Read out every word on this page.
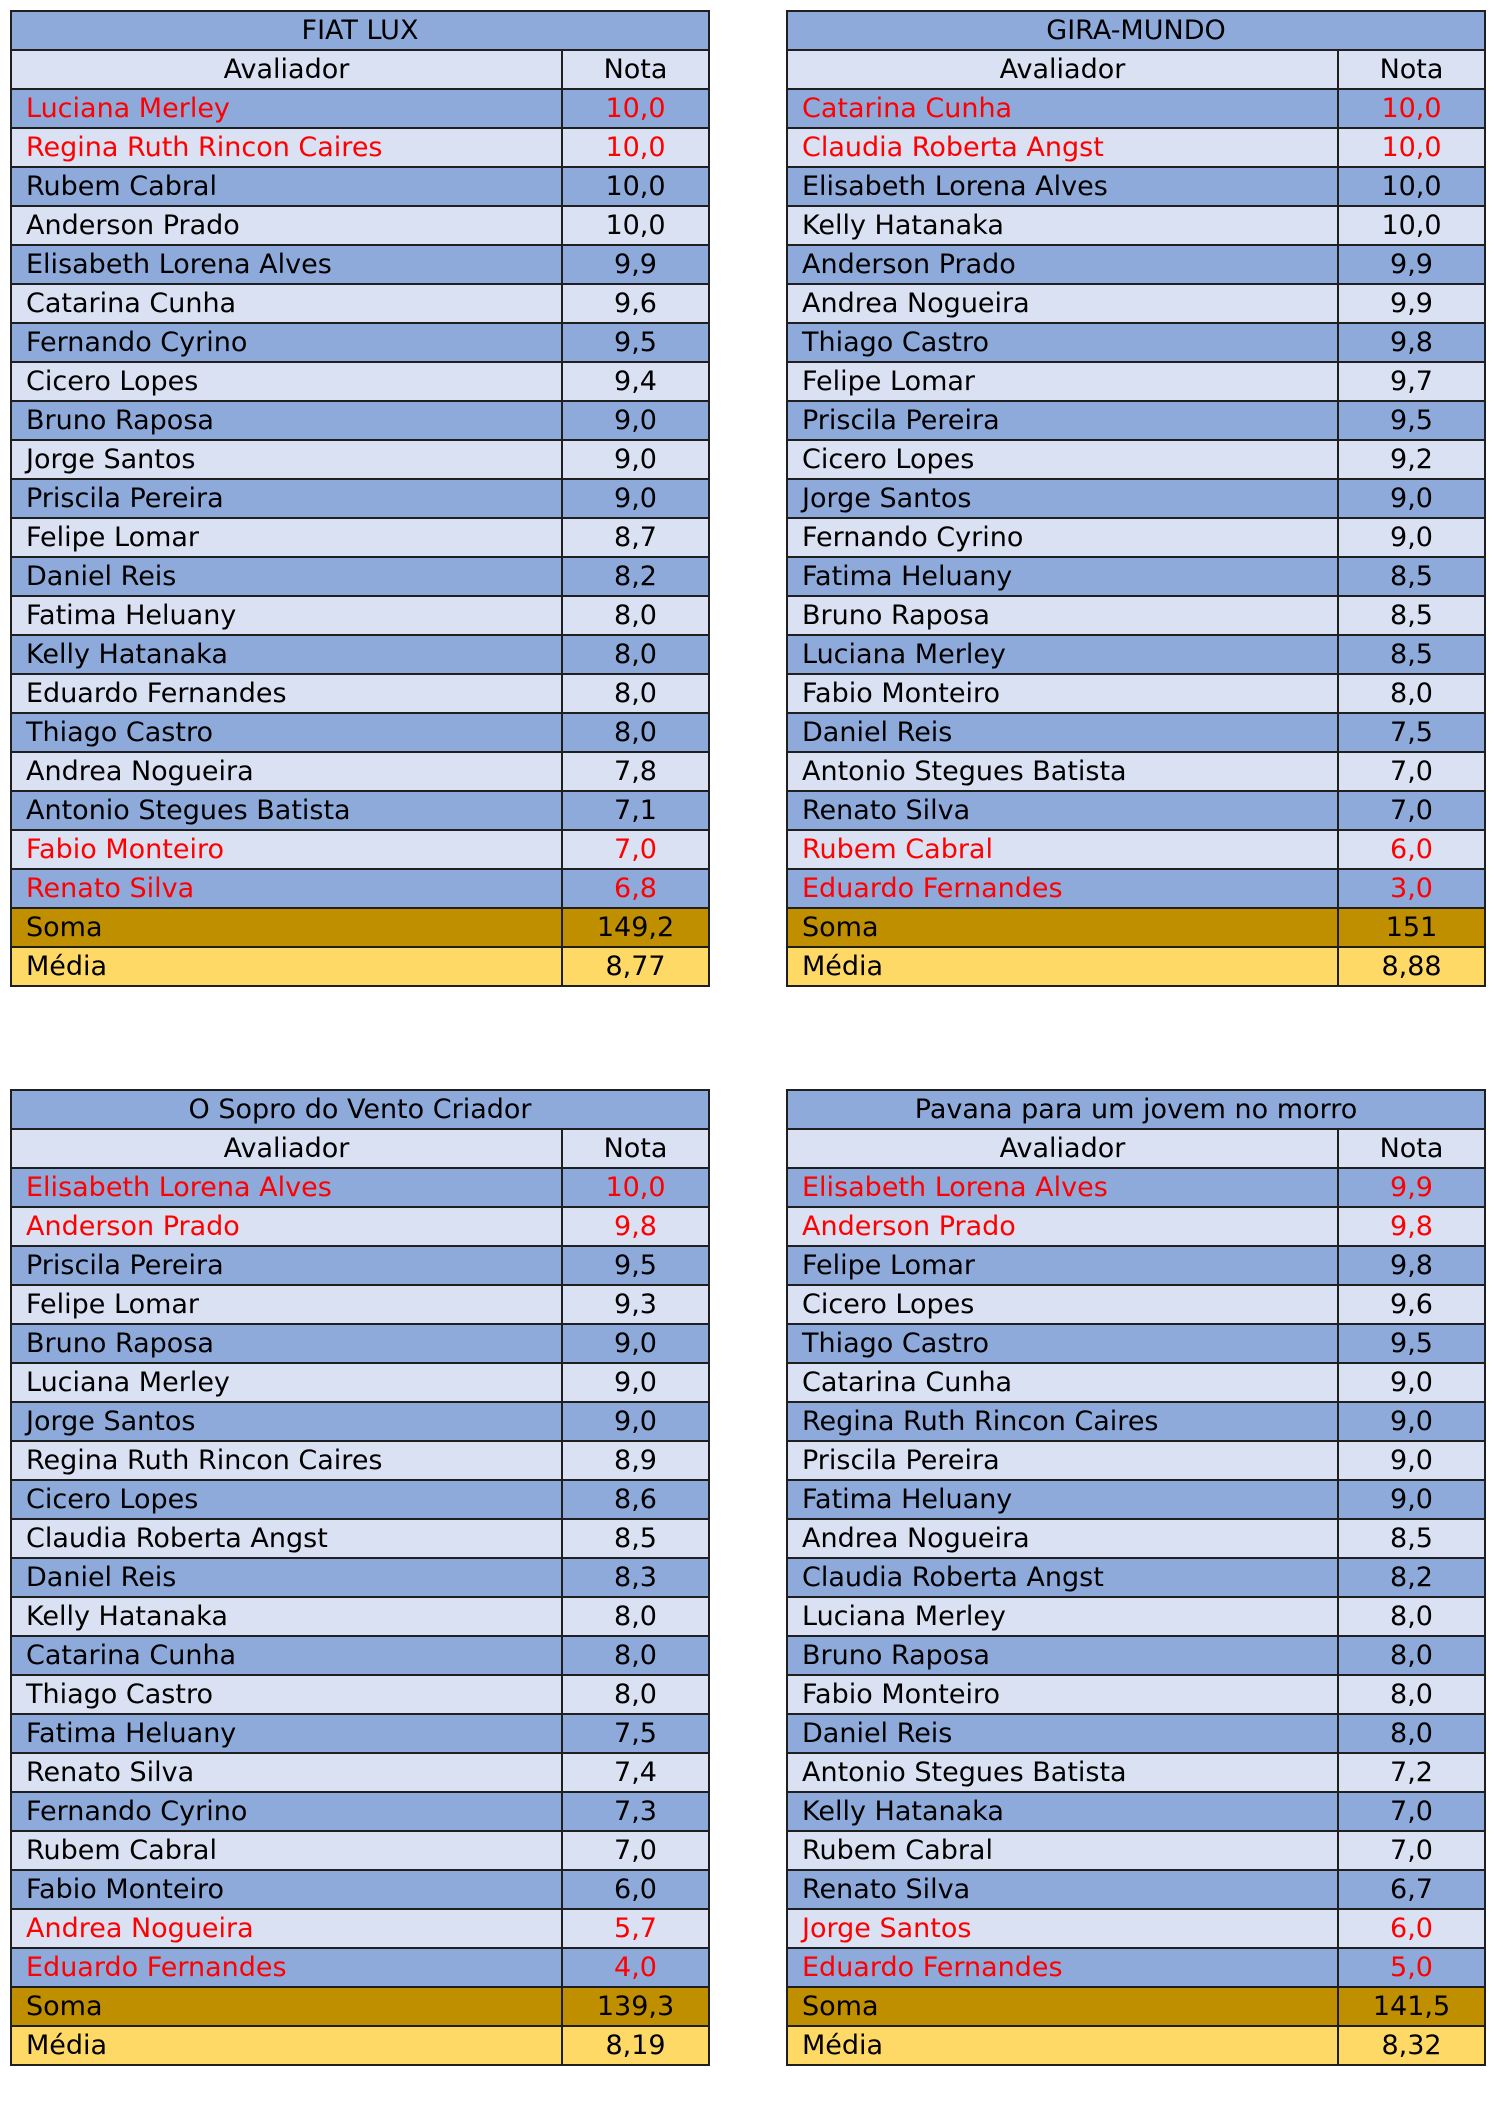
FIAT LUX	
Avaliador	Nota
Luciana Merley	10,0
Regina Ruth Rincon Caires	10,0
Rubem Cabral	10,0
Anderson Prado	10,0
Elisabeth Lorena Alves	9,9
Catarina Cunha	9,6
Fernando Cyrino	9,5
Cicero Lopes	9,4
Bruno Raposa	9,0
Jorge Santos	9,0
Priscila Pereira	9,0
Felipe Lomar	8,7
Daniel Reis	8,2
Fatima Heluany	8,0
Kelly Hatanaka	8,0
Eduardo Fernandes	8,0
Thiago Castro	8,0
Andrea Nogueira	7,8
Antonio Stegues Batista	7,1
Fabio Monteiro	7,0
Renato Silva	6,8
Soma	149,2
Média	8,77
GIRA-MUNDO	
Avaliador	Nota
Catarina Cunha	10,0
Claudia Roberta Angst	10,0
Elisabeth Lorena Alves	10,0
Kelly Hatanaka	10,0
Anderson Prado	9,9
Andrea Nogueira	9,9
Thiago Castro	9,8
Felipe Lomar	9,7
Priscila Pereira	9,5
Cicero Lopes	9,2
Jorge Santos	9,0
Fernando Cyrino	9,0
Fatima Heluany	8,5
Bruno Raposa	8,5
Luciana Merley	8,5
Fabio Monteiro	8,0
Daniel Reis	7,5
Antonio Stegues Batista	7,0
Renato Silva	7,0
Rubem Cabral	6,0
Eduardo Fernandes	3,0
Soma	151
Média	8,88
O Sopro do Vento Criador	
Avaliador	Nota
Elisabeth Lorena Alves	10,0
Anderson Prado	9,8
Priscila Pereira	9,5
Felipe Lomar	9,3
Bruno Raposa	9,0
Luciana Merley	9,0
Jorge Santos	9,0
Regina Ruth Rincon Caires	8,9
Cicero Lopes	8,6
Claudia Roberta Angst	8,5
Daniel Reis	8,3
Kelly Hatanaka	8,0
Catarina Cunha	8,0
Thiago Castro	8,0
Fatima Heluany	7,5
Renato Silva	7,4
Fernando Cyrino	7,3
Rubem Cabral	7,0
Fabio Monteiro	6,0
Andrea Nogueira	5,7
Eduardo Fernandes	4,0
Soma	139,3
Média	8,19
Pavana para um jovem no morro	
Avaliador	Nota
Elisabeth Lorena Alves	9,9
Anderson Prado	9,8
Felipe Lomar	9,8
Cicero Lopes	9,6
Thiago Castro	9,5
Catarina Cunha	9,0
Regina Ruth Rincon Caires	9,0
Priscila Pereira	9,0
Fatima Heluany	9,0
Andrea Nogueira	8,5
Claudia Roberta Angst	8,2
Luciana Merley	8,0
Bruno Raposa	8,0
Fabio Monteiro	8,0
Daniel Reis	8,0
Antonio Stegues Batista	7,2
Kelly Hatanaka	7,0
Rubem Cabral	7,0
Renato Silva	6,7
Jorge Santos	6,0
Eduardo Fernandes	5,0
Soma	141,5
Média	8,32
